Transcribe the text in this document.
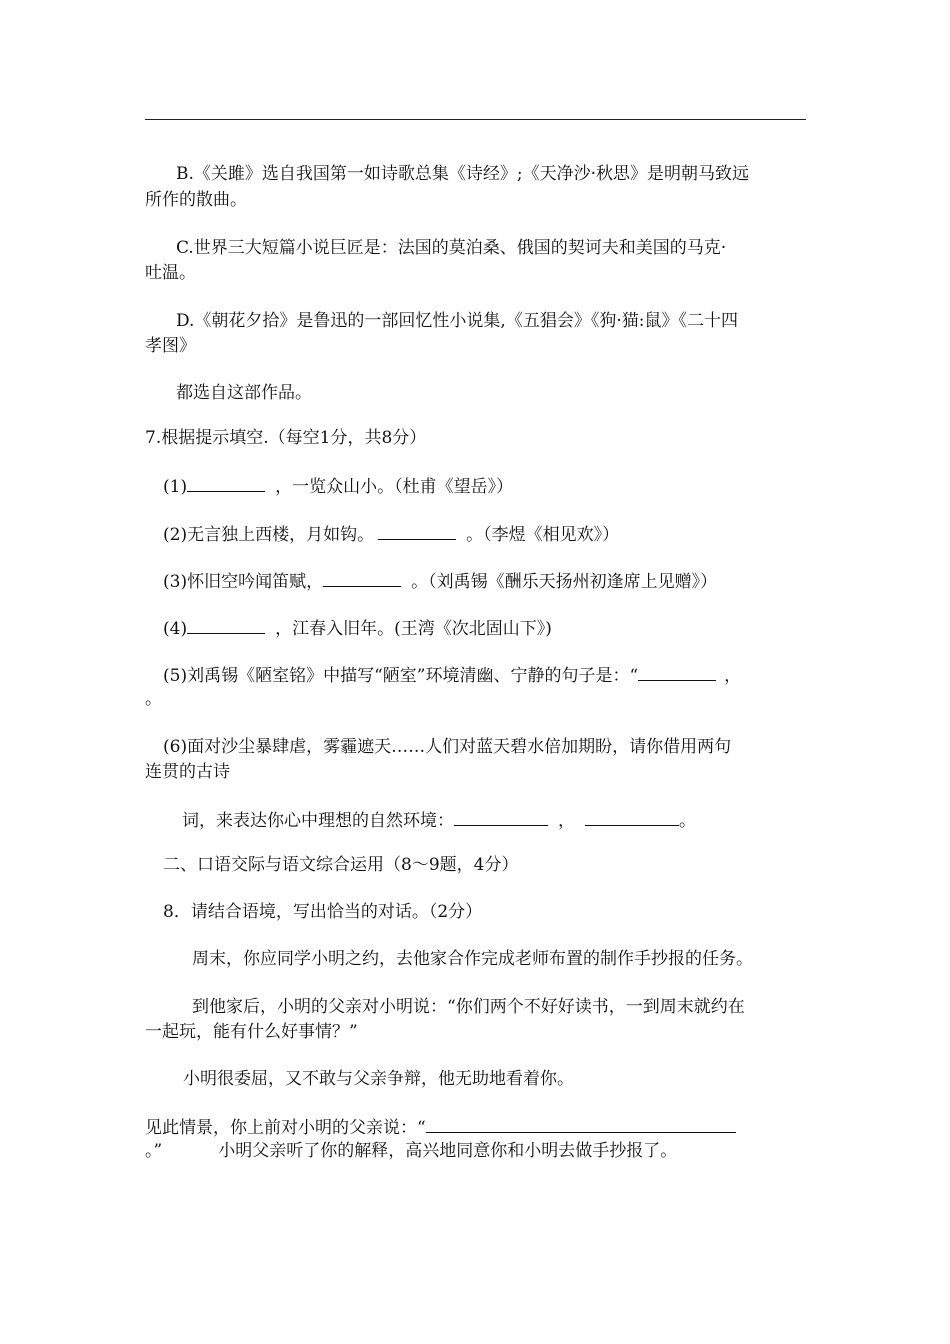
B.《关雎》选自我国第一如诗歌总集《诗经》;《天净沙·秋思》是明朝马致远
所作的散曲。
C.世界三大短篇小说巨匠是：法国的莫泊桑、俄国的契诃夫和美国的马克·
吐温。
D.《朝花夕拾》是鲁迅的一部回忆性小说集,《五猖会》《狗·猫:鼠》《二十四
孝图》
都选自这部作品。
7.根据提示填空.（每空1分，共8分）
(1)	，一览众山小。（杜甫《望岳》）
(2)无言独上西楼，月如钩。	。（李煜《相见欢》）
(3)怀旧空吟闻笛赋，	。（刘禹锡《酬乐天扬州初逢席上见赠》）
(4)	，江春入旧年。(王湾《次北固山下》)
(5)刘禹锡《陋室铭》中描写“陋室”环境清幽、宁静的句子是：“	，
。
(6)面对沙尘暴肆虐，雾霾遮天……人们对蓝天碧水倍加期盼，请你借用两句
连贯的古诗
词，来表达你心中理想的自然环境：	，	。
二、口语交际与语文综合运用（8～9题，4分）
8．请结合语境，写出恰当的对话。（2分）
周末，你应同学小明之约，去他家合作完成老师布置的制作手抄报的任务。
到他家后，小明的父亲对小明说：“你们两个不好好读书，一到周末就约在
一起玩，能有什么好事情？”
小明很委屈，又不敢与父亲争辩，他无助地看着你。
见此情景，你上前对小明的父亲说：“
。”	小明父亲听了你的解释，高兴地同意你和小明去做手抄报了。
